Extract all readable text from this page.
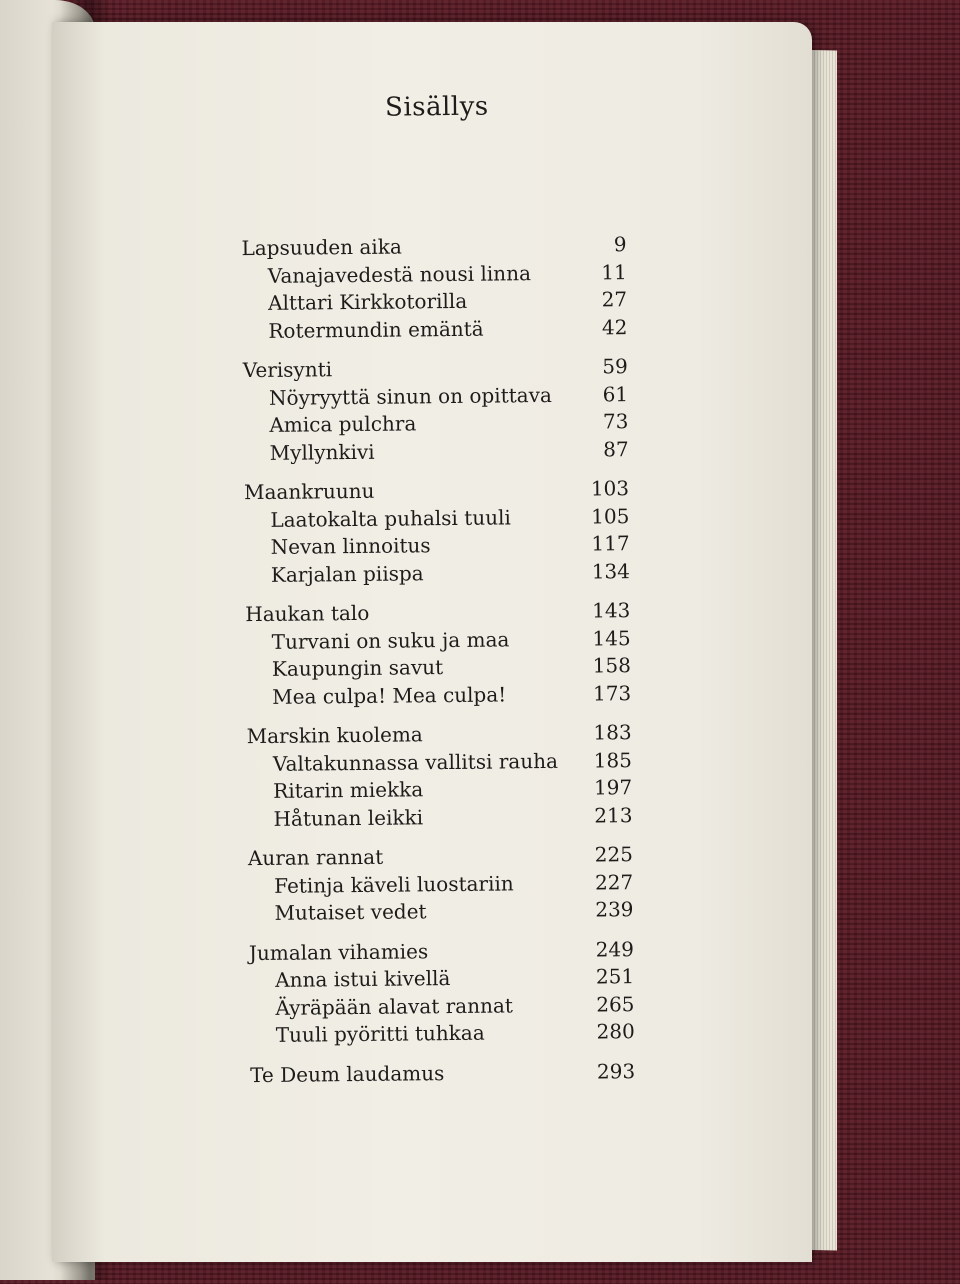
Sisällys
Lapsuuden aika	9
Vanajavedestä nousi linna	11
Alttari Kirkkotorilla	27
Rotermundin emäntä	42
Verisynti	59
Nöyryyttä sinun on opittava	61
Amica pulchra	73
Myllynkivi	87
Maankruunu	103
Laatokalta puhalsi tuuli	105
Nevan linnoitus	117
Karjalan piispa	134
Haukan talo	143
Turvani on suku ja maa	145
Kaupungin savut	158
Mea culpa! Mea culpa!	173
Marskin kuolema	183
Valtakunnassa vallitsi rauha	185
Ritarin miekka	197
Håtunan leikki	213
Auran rannat	225
Fetinja käveli luostariin	227
Mutaiset vedet	239
Jumalan vihamies	249
Anna istui kivellä	251
Äyräpään alavat rannat	265
Tuuli pyöritti tuhkaa	280
Te Deum laudamus	293
